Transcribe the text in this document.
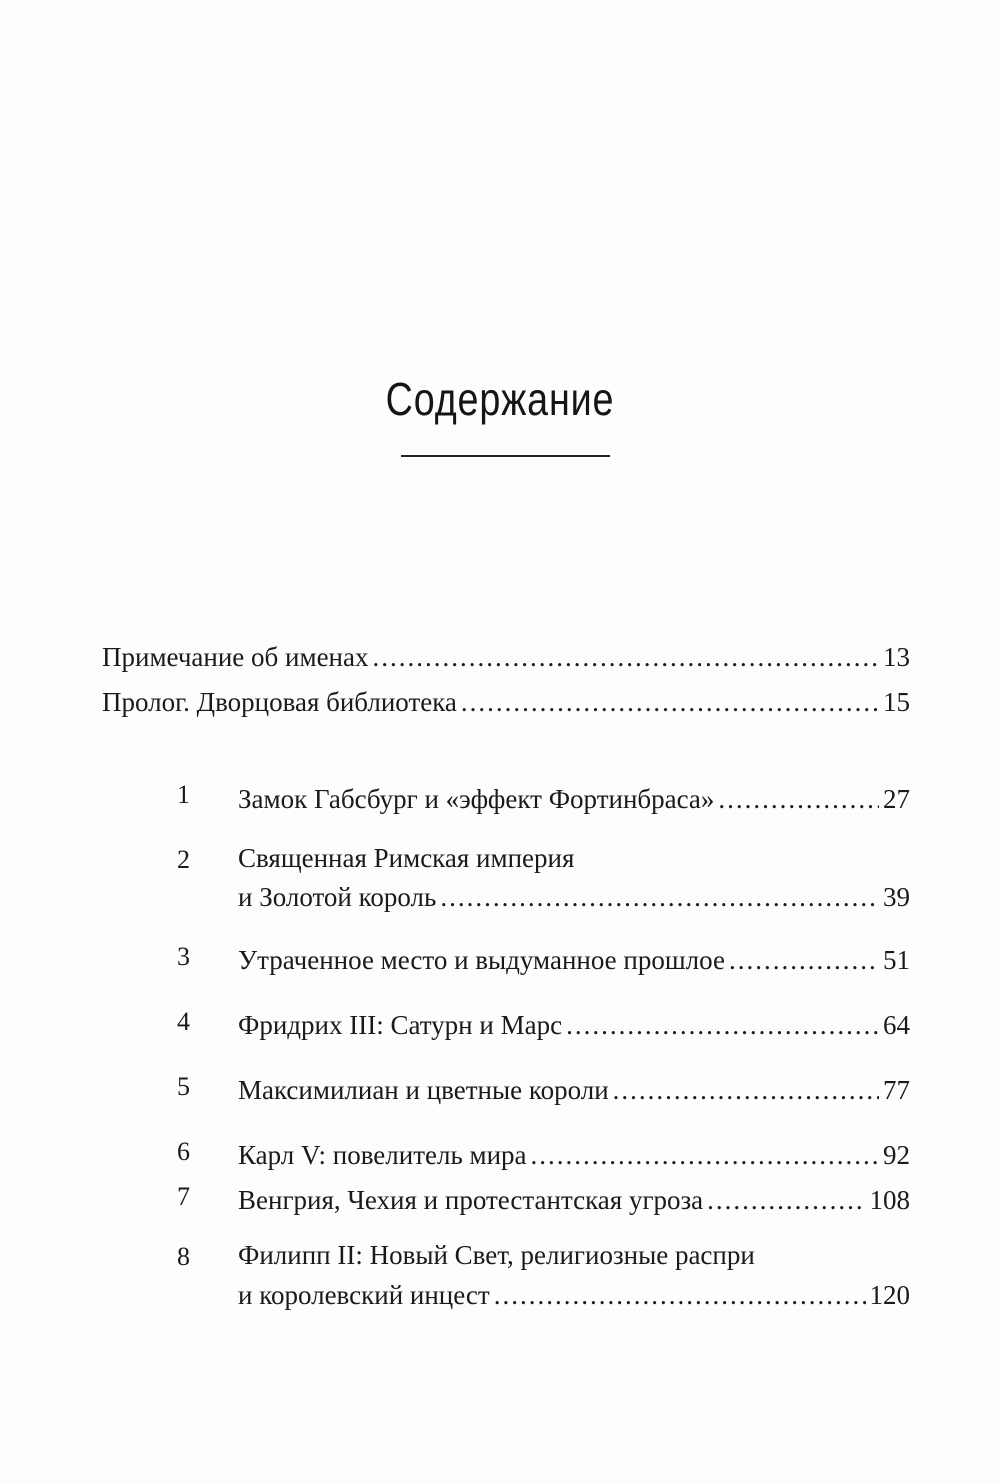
Содержание
Примечание об именах .....	13
Пролог. Дворцовая библиотека .....	15
1 Замок Габсбург и «эффект Фортинбраса» .....	27
2 Священная Римская империя
и Золотой король .....	39
3 Утраченное место и выдуманное прошлое .....	51
4 Фридрих III: Сатурн и Марс .....	64
5 Максимилиан и цветные короли .....	77
6 Карл V: повелитель мира .....	92
7 Венгрия, Чехия и протестантская угроза .....	108
8 Филипп II: Новый Свет, религиозные распри
и королевский инцест .....	120
